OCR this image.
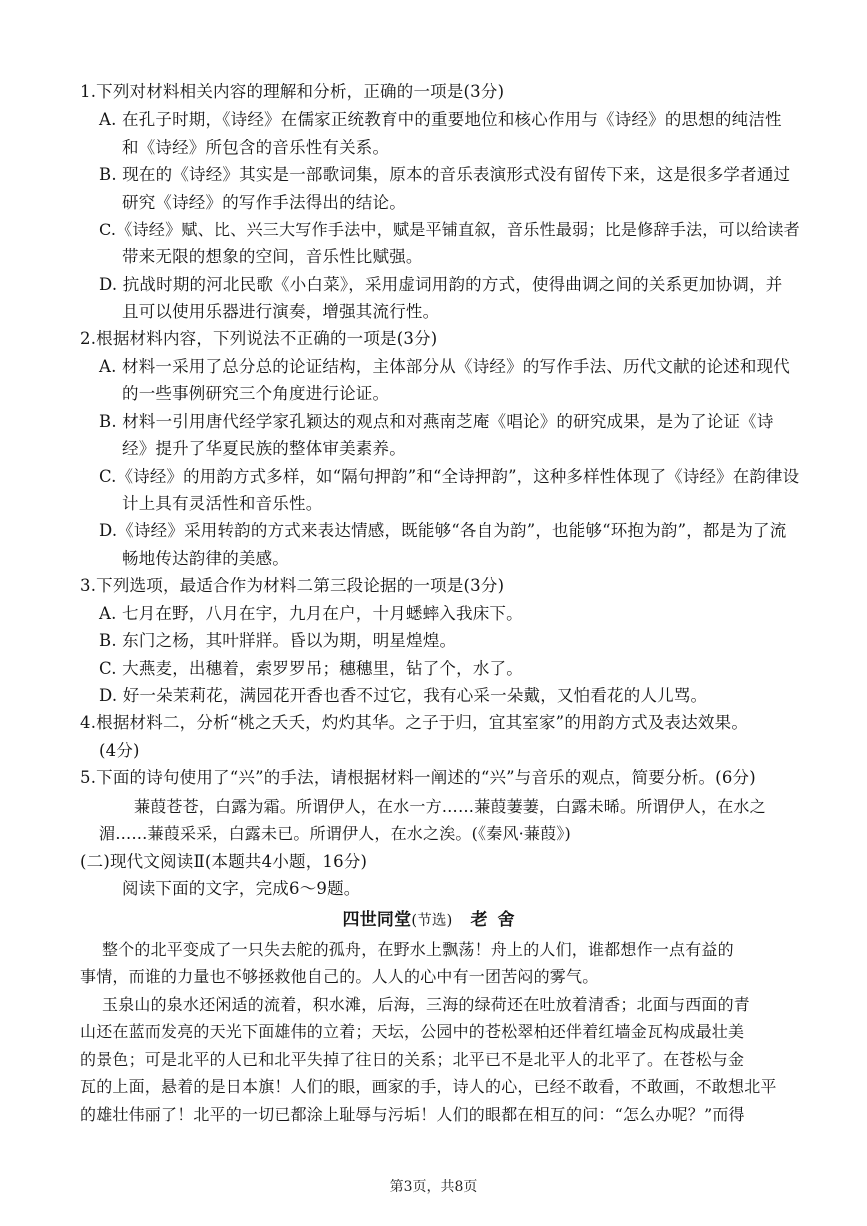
1.下列对材料相关内容的理解和分析，正确的一项是(3分)
A. 在孔子时期，《诗经》在儒家正统教育中的重要地位和核心作用与《诗经》的思想的纯洁性
和《诗经》所包含的音乐性有关系。
B. 现在的《诗经》其实是一部歌词集，原本的音乐表演形式没有留传下来，这是很多学者通过
研究《诗经》的写作手法得出的结论。
C.《诗经》赋、比、兴三大写作手法中，赋是平铺直叙，音乐性最弱；比是修辞手法，可以给读者
带来无限的想象的空间，音乐性比赋强。
D. 抗战时期的河北民歌《小白菜》，采用虚词用韵的方式，使得曲调之间的关系更加协调，并
且可以使用乐器进行演奏，增强其流行性。
2.根据材料内容，下列说法不正确的一项是(3分)
A. 材料一采用了总分总的论证结构，主体部分从《诗经》的写作手法、历代文献的论述和现代
的一些事例研究三个角度进行论证。
B. 材料一引用唐代经学家孔颖达的观点和对燕南芝庵《唱论》的研究成果，是为了论证《诗
经》提升了华夏民族的整体审美素养。
C.《诗经》的用韵方式多样，如“隔句押韵”和“全诗押韵”，这种多样性体现了《诗经》在韵律设
计上具有灵活性和音乐性。
D.《诗经》采用转韵的方式来表达情感，既能够“各自为韵”，也能够“环抱为韵”，都是为了流
畅地传达韵律的美感。
3.下列选项，最适合作为材料二第三段论据的一项是(3分)
A. 七月在野，八月在宇，九月在户，十月蟋蟀入我床下。
B. 东门之杨，其叶牂牂。昏以为期，明星煌煌。
C. 大燕麦，出穗着，索罗罗吊；穗穗里，钻了个，水了。
D. 好一朵茉莉花，满园花开香也香不过它，我有心采一朵戴，又怕看花的人儿骂。
4.根据材料二，分析“桃之夭夭，灼灼其华。之子于归，宜其室家”的用韵方式及表达效果。
(4分)
5.下面的诗句使用了“兴”的手法，请根据材料一阐述的“兴”与音乐的观点，简要分析。(6分)
蒹葭苍苍，白露为霜。所谓伊人，在水一方……蒹葭萋萋，白露未晞。所谓伊人，在水之
湄……蒹葭采采，白露未已。所谓伊人，在水之涘。(《秦风·蒹葭》)
(二)现代文阅读Ⅱ(本题共4小题，16分)
阅读下面的文字，完成6～9题。
四世同堂(节选) 老舍
整个的北平变成了一只失去舵的孤舟，在野水上飘荡！舟上的人们，谁都想作一点有益的
事情，而谁的力量也不够拯救他自己的。人人的心中有一团苦闷的雾气。
玉泉山的泉水还闲适的流着，积水滩，后海，三海的绿荷还在吐放着清香；北面与西面的青
山还在蓝而发亮的天光下面雄伟的立着；天坛，公园中的苍松翠柏还伴着红墙金瓦构成最壮美
的景色；可是北平的人已和北平失掉了往日的关系；北平已不是北平人的北平了。在苍松与金
瓦的上面，悬着的是日本旗！人们的眼，画家的手，诗人的心，已经不敢看，不敢画，不敢想北平
的雄壮伟丽了！北平的一切已都涂上耻辱与污垢！人们的眼都在相互的问：“怎么办呢？”而得
第3页，共8页
